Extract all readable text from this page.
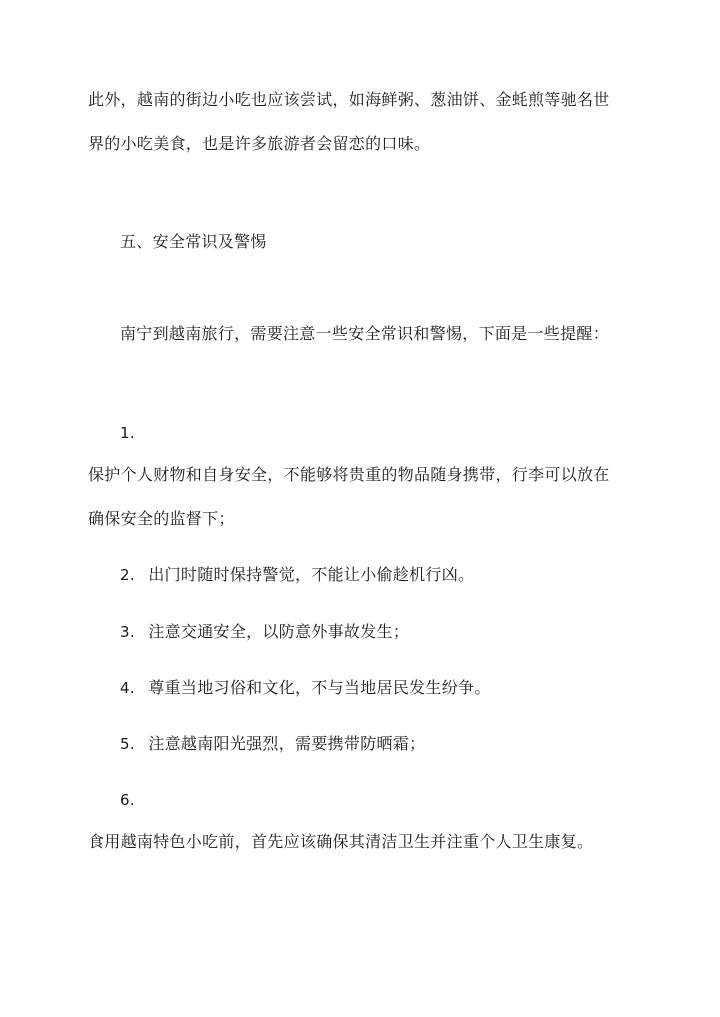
此外，越南的街边小吃也应该尝试，如海鲜粥、葱油饼、金蚝煎等驰名世
界的小吃美食，也是许多旅游者会留恋的口味。
五、安全常识及警惕
南宁到越南旅行，需要注意一些安全常识和警惕，下面是一些提醒：
1.
保护个人财物和自身安全，不能够将贵重的物品随身携带，行李可以放在
确保安全的监督下；
2. 出门时随时保持警觉，不能让小偷趁机行凶。
3. 注意交通安全，以防意外事故发生；
4. 尊重当地习俗和文化，不与当地居民发生纷争。
5. 注意越南阳光强烈，需要携带防晒霜；
6.
食用越南特色小吃前，首先应该确保其清洁卫生并注重个人卫生康复。
